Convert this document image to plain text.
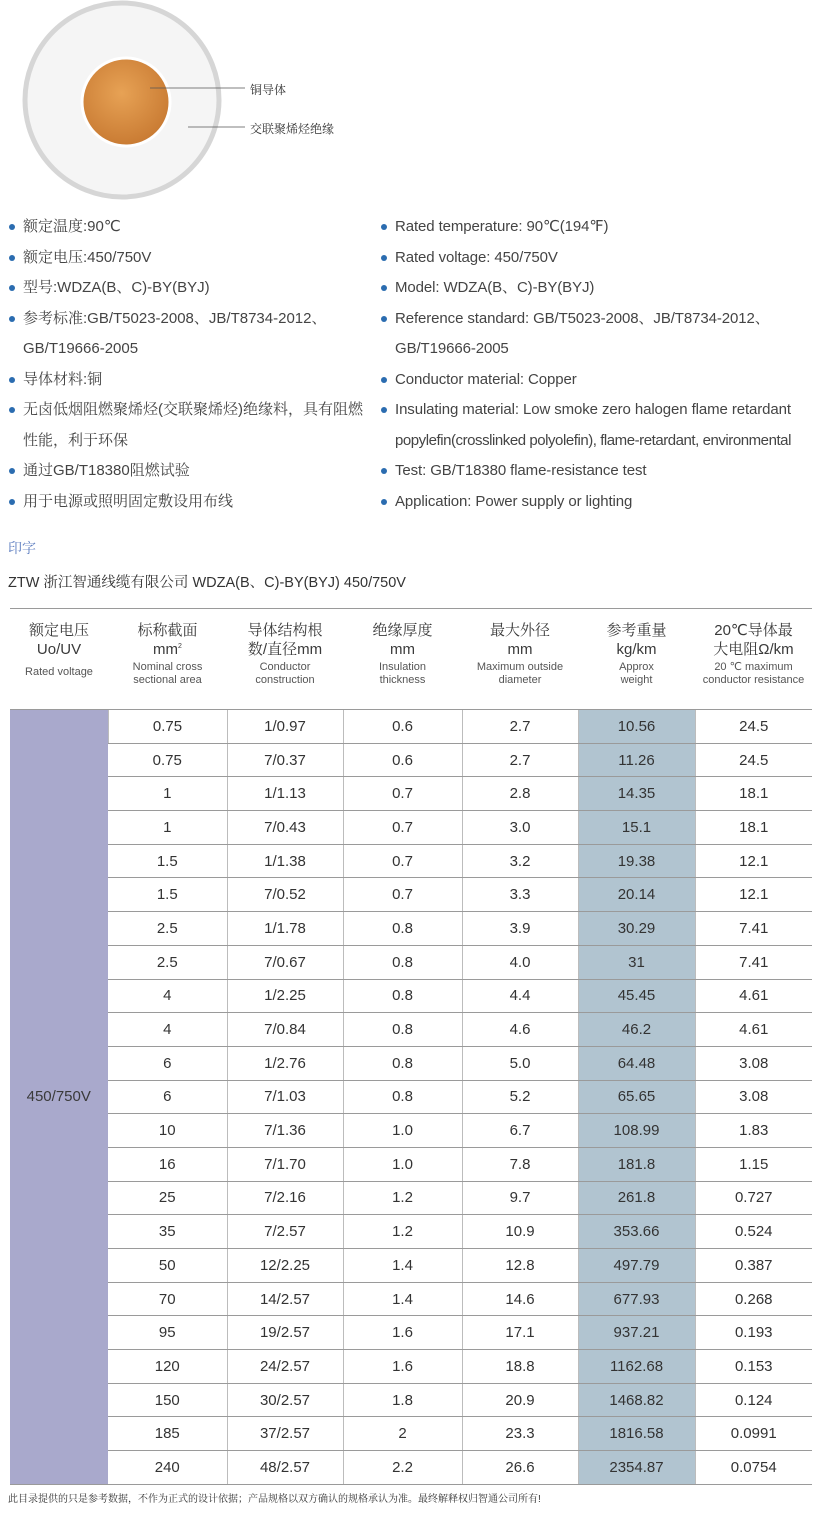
铜导体
交联聚烯烃绝缘
额定温度:90℃
额定电压:450/750V
型号:WDZA(B、C)-BY(BYJ)
参考标准:GB/T5023-2008、JB/T8734-2012、GB/T19666-2005
导体材料:铜
无卤低烟阻燃聚烯烃(交联聚烯烃)绝缘料，具有阻燃性能，利于环保
通过GB/T18380阻燃试验
用于电源或照明固定敷设用布线
Rated temperature: 90℃(194℉)
Rated voltage: 450/750V
Model: WDZA(B、C)-BY(BYJ)
Reference standard: GB/T5023-2008、JB/T8734-2012、
GB/T19666-2005
Conductor material: Copper
Insulating material: Low smoke zero halogen flame retardant
popylefin(crosslinked polyolefin), flame-retardant, environmental
Test: GB/T18380 flame-resistance test
Application: Power supply or lighting
印字
ZTW 浙江智通线缆有限公司 WDZA(B、C)-BY(BYJ) 450/750V
额定电压
Uo/UV
Rated voltage	标称截面
$mm^2$
Nominal cross
sectional area	导体结构根
数/直径mm
Conductor
construction	绝缘厚度
mm
Insulation
thickness	最大外径
mm
Maximum outside
diameter	参考重量
kg/km
Approx
weight	20℃导体最
大电阻Ω/km
20 ℃ maximum
conductor resistance

450/750V	0.75	1/0.97	0.6	2.7	10.56	24.5
	0.75	7/0.37	0.6	2.7	11.26	24.5
	1	1/1.13	0.7	2.8	14.35	18.1
	1	7/0.43	0.7	3.0	15.1	18.1
	1.5	1/1.38	0.7	3.2	19.38	12.1
	1.5	7/0.52	0.7	3.3	20.14	12.1
	2.5	1/1.78	0.8	3.9	30.29	7.41
	2.5	7/0.67	0.8	4.0	31	7.41
	4	1/2.25	0.8	4.4	45.45	4.61
	4	7/0.84	0.8	4.6	46.2	4.61
	6	1/2.76	0.8	5.0	64.48	3.08
	6	7/1.03	0.8	5.2	65.65	3.08
	10	7/1.36	1.0	6.7	108.99	1.83
	16	7/1.70	1.0	7.8	181.8	1.15
	25	7/2.16	1.2	9.7	261.8	0.727
	35	7/2.57	1.2	10.9	353.66	0.524
	50	12/2.25	1.4	12.8	497.79	0.387
	70	14/2.57	1.4	14.6	677.93	0.268
	95	19/2.57	1.6	17.1	937.21	0.193
	120	24/2.57	1.6	18.8	1162.68	0.153
	150	30/2.57	1.8	20.9	1468.82	0.124
	185	37/2.57	2	23.3	1816.58	0.0991
	240	48/2.57	2.2	26.6	2354.87	0.0754
此目录提供的只是参考数据，不作为正式的设计依据；产品规格以双方确认的规格承认为准。最终解释权归智通公司所有!
